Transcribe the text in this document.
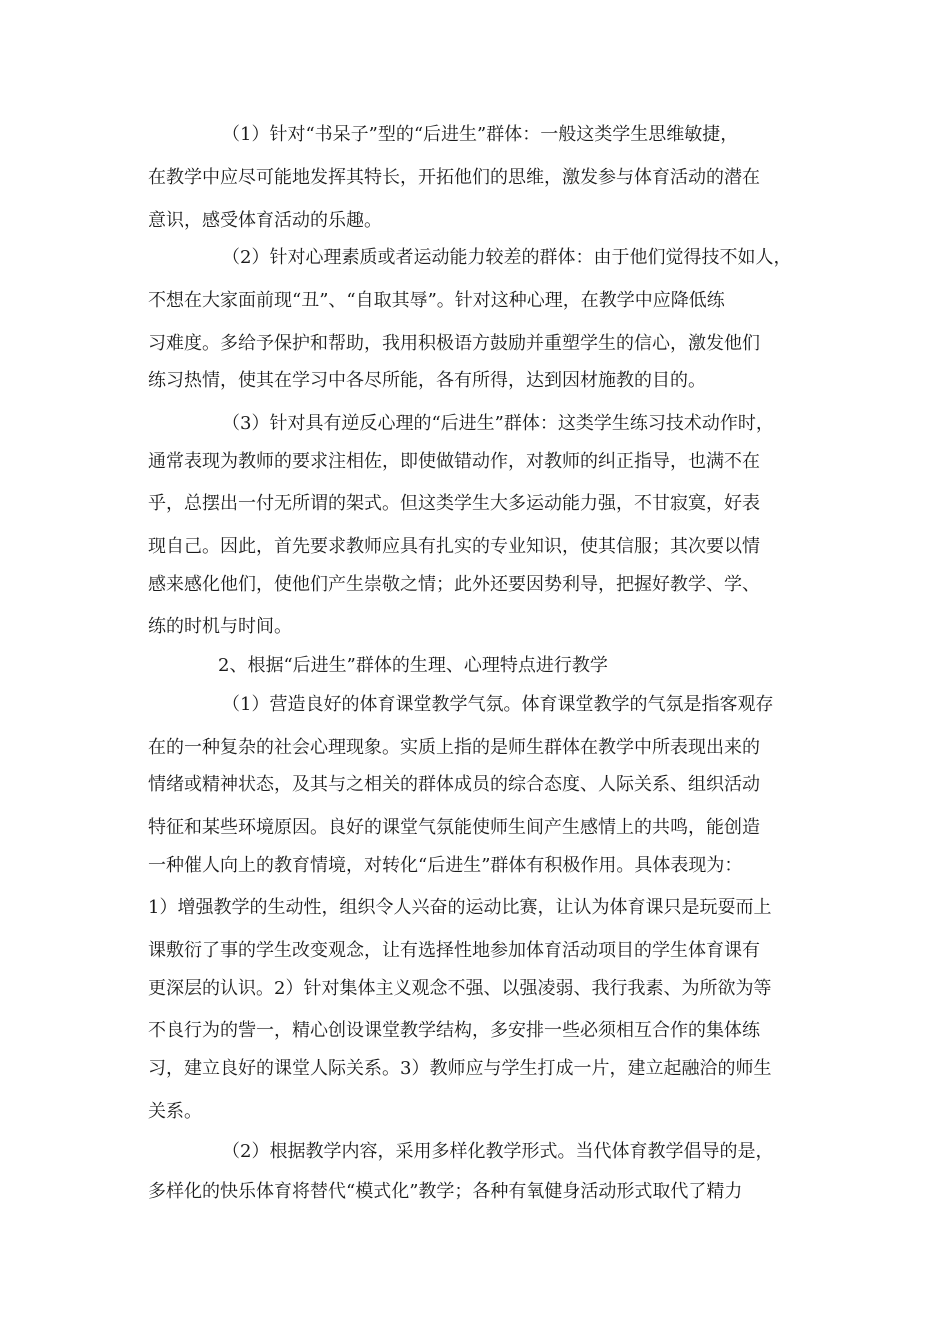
（1）针对“书呆子”型的“后进生”群体：一般这类学生思维敏捷，
在教学中应尽可能地发挥其特长，开拓他们的思维，激发参与体育活动的潜在
意识，感受体育活动的乐趣。
（2）针对心理素质或者运动能力较差的群体：由于他们觉得技不如人，
不想在大家面前现“丑”、“自取其辱”。针对这种心理，在教学中应降低练
习难度。多给予保护和帮助，我用积极语方鼓励并重塑学生的信心，激发他们
练习热情，使其在学习中各尽所能，各有所得，达到因材施教的目的。
（3）针对具有逆反心理的“后进生”群体：这类学生练习技术动作时，
通常表现为教师的要求注相佐，即使做错动作，对教师的纠正指导，也满不在
乎，总摆出一付无所谓的架式。但这类学生大多运动能力强，不甘寂寞，好表
现自己。因此，首先要求教师应具有扎实的专业知识，使其信服；其次要以情
感来感化他们，使他们产生崇敬之情；此外还要因势利导，把握好教学、学、
练的时机与时间。
2、根据“后进生”群体的生理、心理特点进行教学
（1）营造良好的体育课堂教学气氛。体育课堂教学的气氛是指客观存
在的一种复杂的社会心理现象。实质上指的是师生群体在教学中所表现出来的
情绪或精神状态，及其与之相关的群体成员的综合态度、人际关系、组织活动
特征和某些环境原因。良好的课堂气氛能使师生间产生感情上的共鸣，能创造
一种催人向上的教育情境，对转化“后进生”群体有积极作用。具体表现为：
1）增强教学的生动性，组织令人兴奋的运动比赛，让认为体育课只是玩耍而上
课敷衍了事的学生改变观念，让有选择性地参加体育活动项目的学生体育课有
更深层的认识。2）针对集体主义观念不强、以强凌弱、我行我素、为所欲为等
不良行为的訾一，精心创设课堂教学结构，多安排一些必须相互合作的集体练
习，建立良好的课堂人际关系。3）教师应与学生打成一片，建立起融洽的师生
关系。
（2）根据教学内容，采用多样化教学形式。当代体育教学倡导的是，
多样化的快乐体育将替代“模式化”教学；各种有氧健身活动形式取代了精力
